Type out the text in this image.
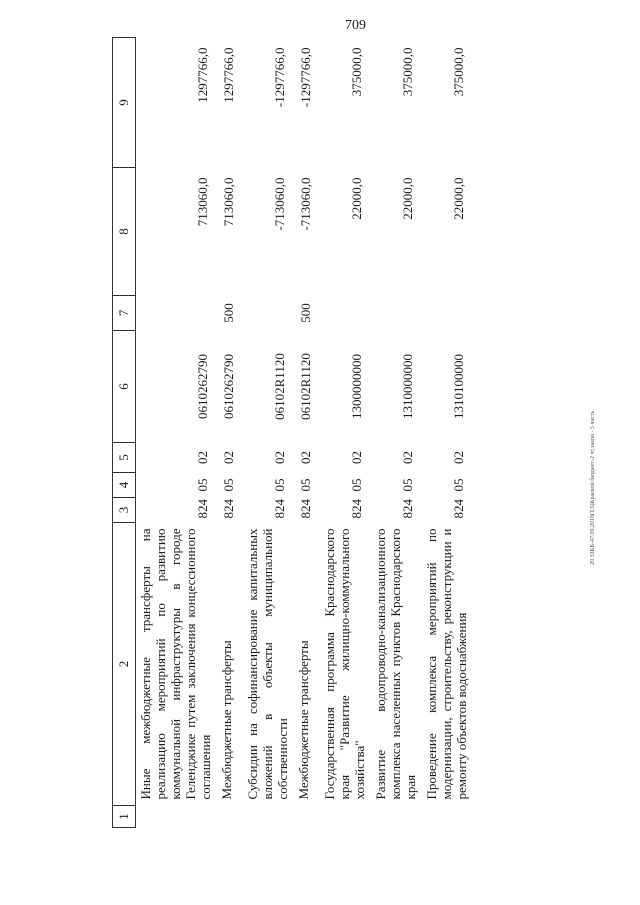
709
20 3ЗКБ-47.09.2018(Т.6)Краевой бюджет-2 чт.закон - 5 часть
1	2	3	4	5	6	7	8	9
	Иные межбюджетные трансферты на реализацию мероприятий по развитию коммунальной инфраструктуры в городе Геленджике путем заключения концессионного соглашения	824	05	02	0610262790		713060,0	1297766,0
	Межбюджетные трансферты	824	05	02	0610262790	500	713060,0	1297766,0
	Субсидии на софинансирование капитальных вложений в объекты муниципальной собственности	824	05	02	06102R1120		-713060,0	-1297766,0
	Межбюджетные трансферты	824	05	02	06102R1120	500	-713060,0	-1297766,0
	Государственная программа Краснодарского края "Развитие жилищно-коммунального хозяйства"	824	05	02	1300000000		22000,0	375000,0
	Развитие водопроводно-канализационного комплекса населенных пунктов Краснодарского края	824	05	02	1310000000		22000,0	375000,0
	Проведение комплекса мероприятий по модернизации, строительству, реконструкции и ремонту объектов водоснабжения	824	05	02	1310100000		22000,0	375000,0
